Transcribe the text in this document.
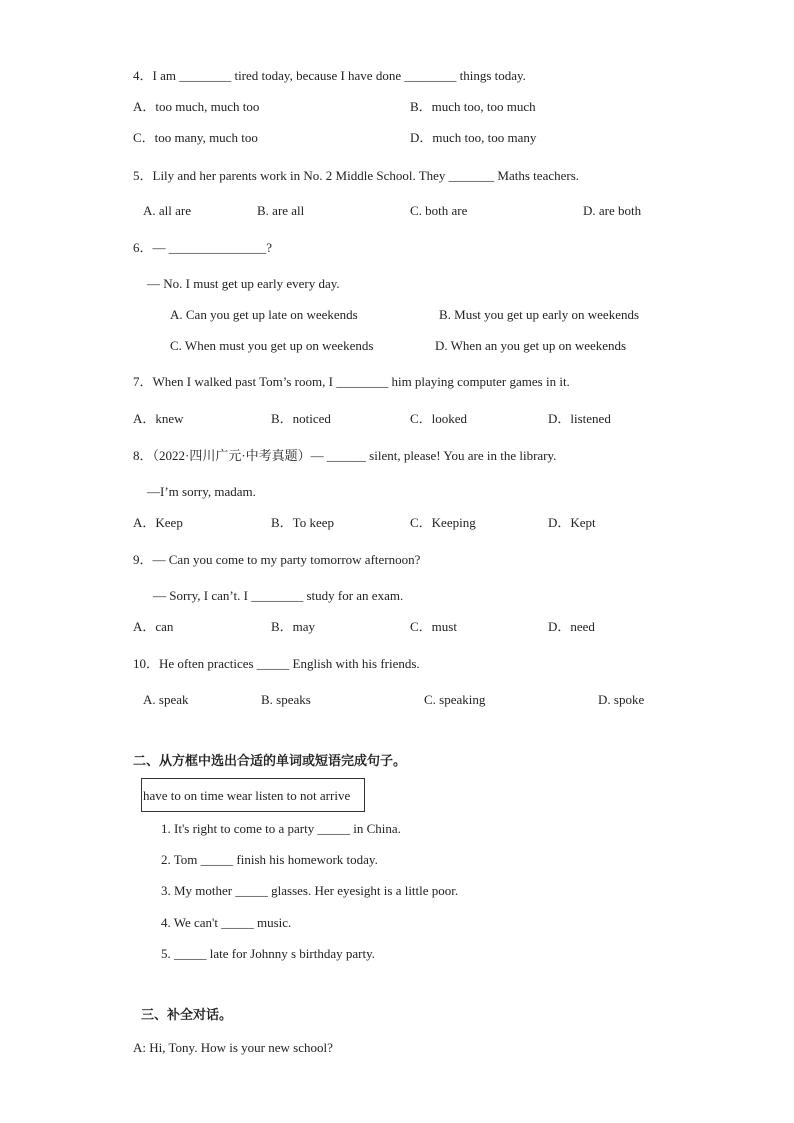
4．I am ________ tired today, because I have done ________ things today.
A．too much, much too	B．much too, too much
C．too many, much too	D．much too, too many
5．Lily and her parents work in No. 2 Middle School. They _______ Maths teachers.
A. all are	B. are all	C. both are	D. are both
6．— _______________?
— No. I must get up early every day.
A. Can you get up late on weekends	B. Must you get up early on weekends
C. When must you get up on weekends	D. When an you get up on weekends
7．When I walked past Tom’s room, I ________ him playing computer games in it.
A．knew	B．noticed	C．looked	D．listened
8．（2022·四川广元·中考真题）— ______ silent, please! You are in the library.
—I’m sorry, madam.
A．Keep	B．To keep	C．Keeping	D．Kept
9．— Can you come to my party tomorrow afternoon?
— Sorry, I can’t. I ________ study for an exam.
A．can	B．may	C．must	D．need
10．He often practices _____ English with his friends.
A. speak	B. speaks	C. speaking	D. spoke
二、从方框中选出合适的单词或短语完成句子。
have to on time wear listen to not arrive
1. It's right to come to a party _____ in China.
2. Tom _____ finish his homework today.
3. My mother _____ glasses. Her eyesight is a little poor.
4. We can't _____ music.
5. _____ late for Johnny s birthday party.
三、补全对话。
A: Hi, Tony. How is your new school?
